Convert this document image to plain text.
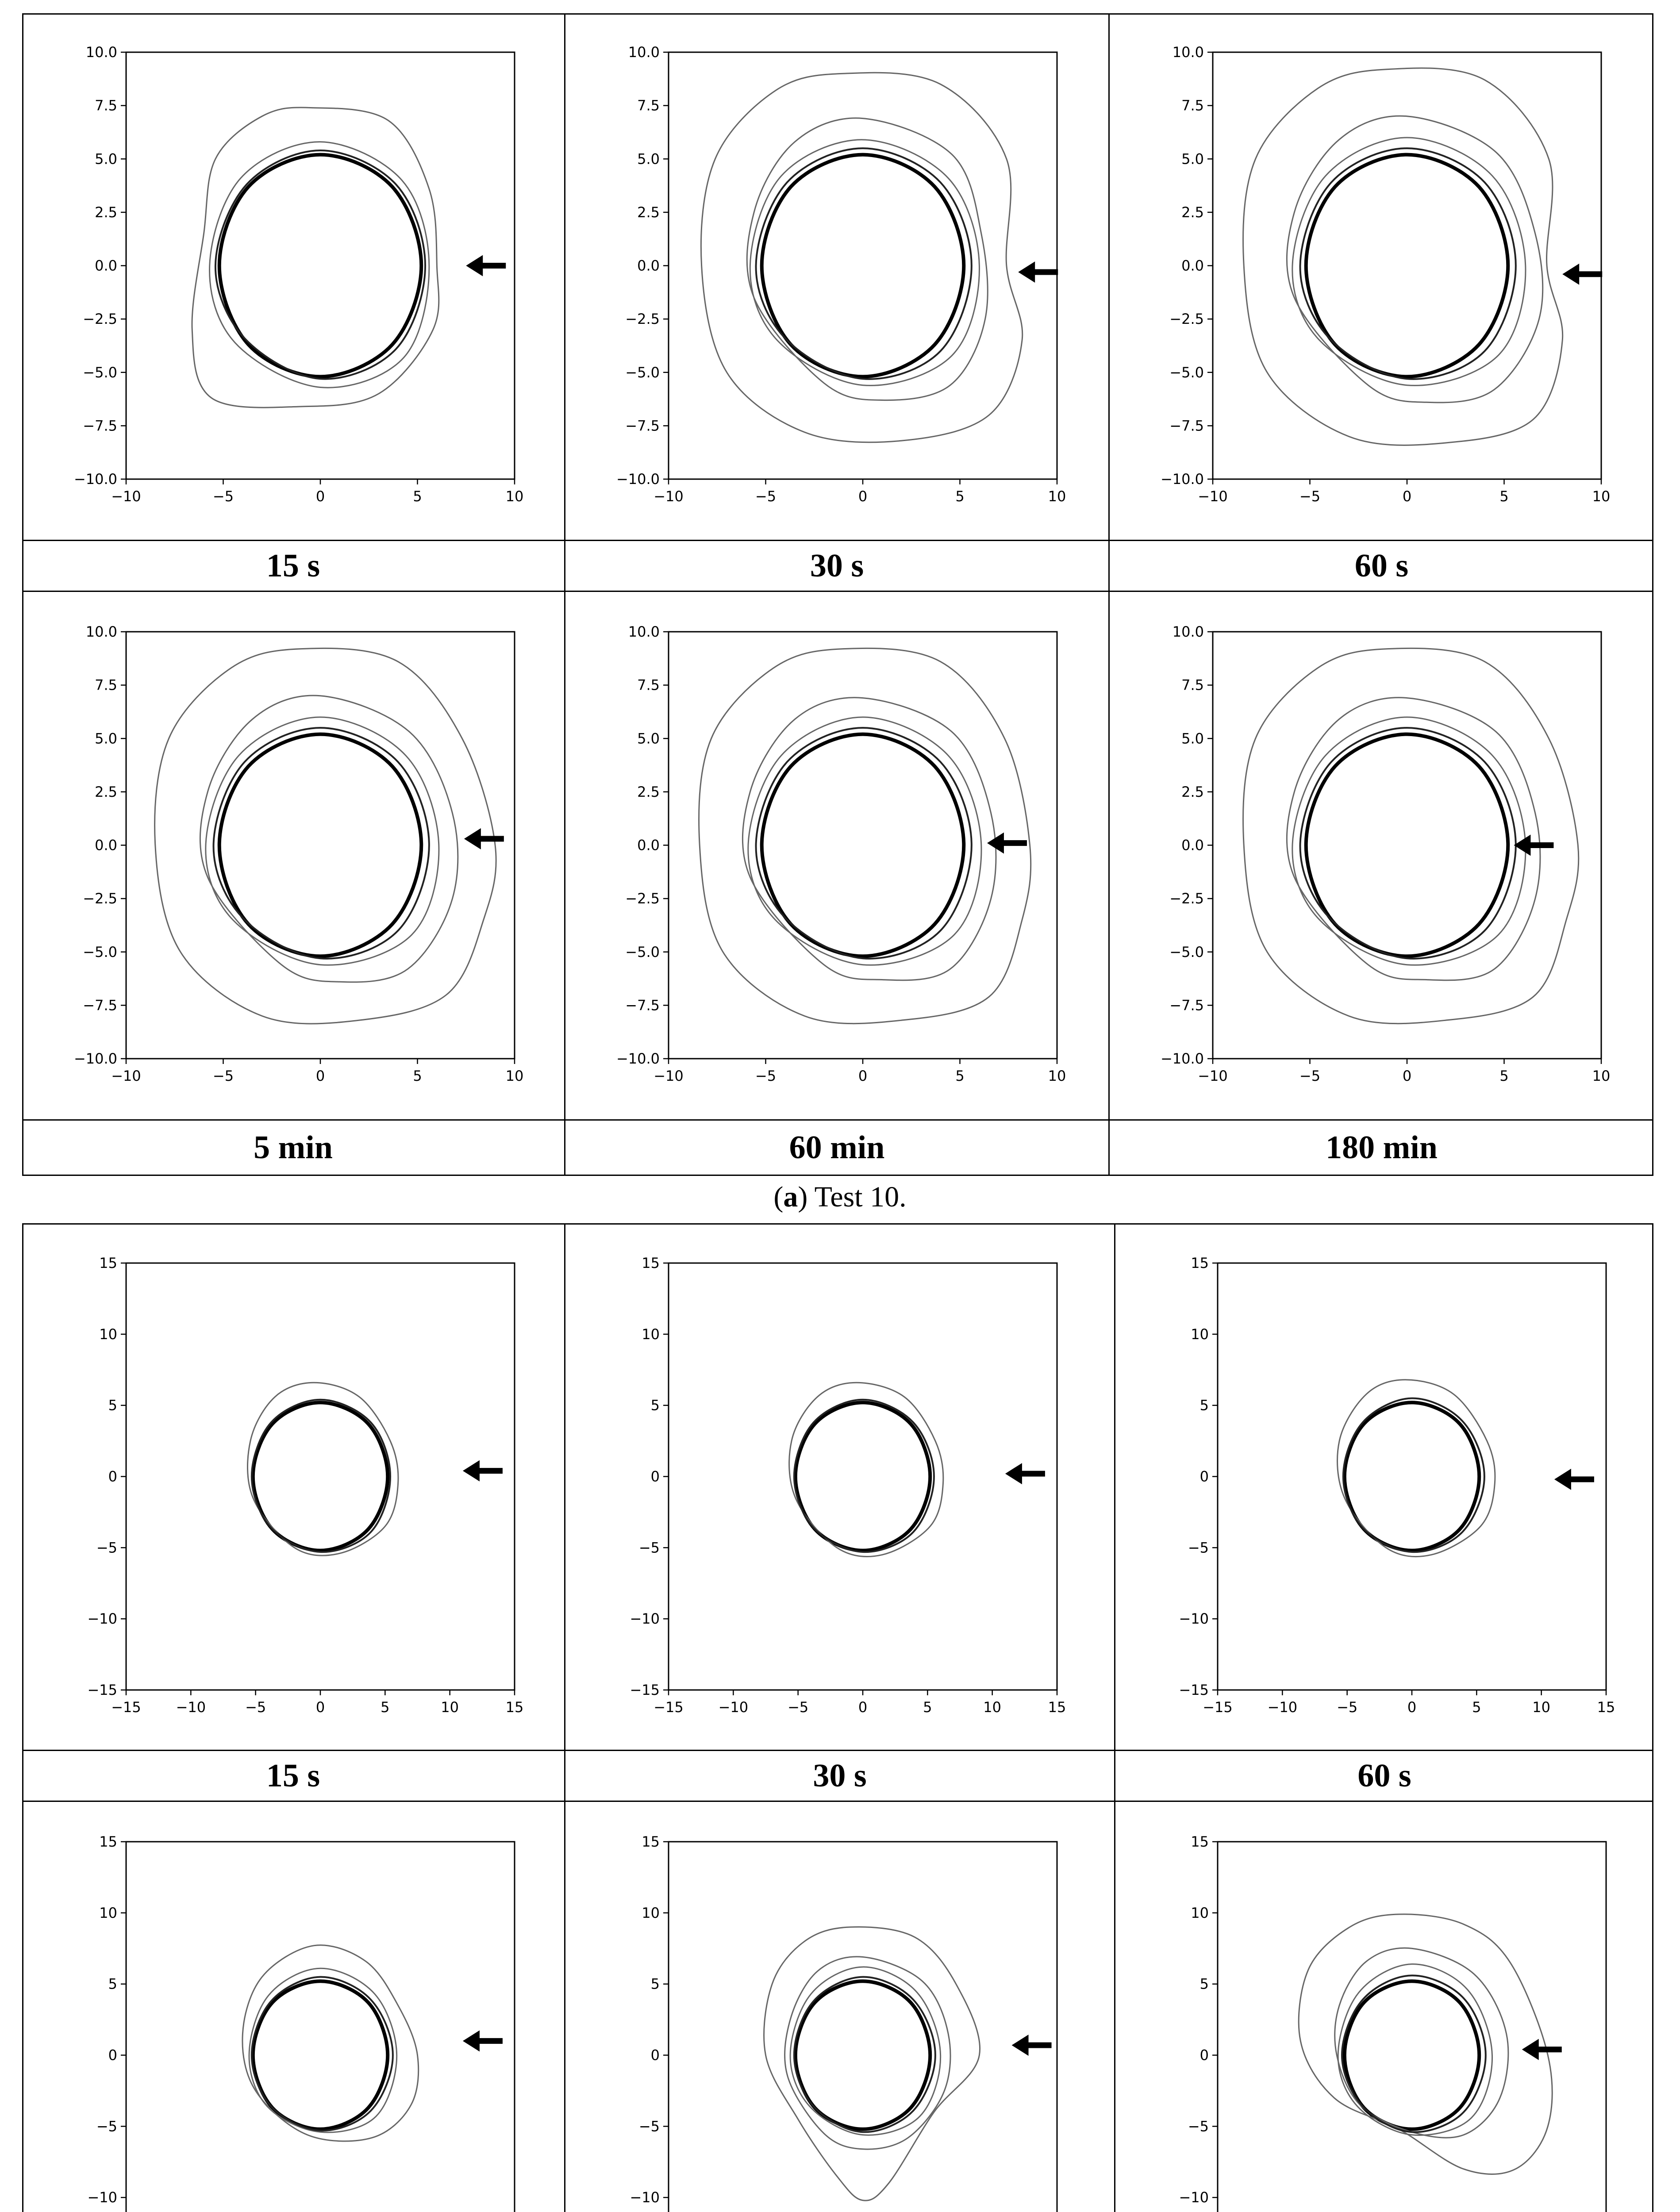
(a) Test 10.
15 s	30 s	60 s
5 min	60 min	180 min
15 s	30 s	60 s
−10.0
−7.5
−5.0
−2.5
0.0
2.5
5.0
7.5
10.0
−10	−5	0	5	10
−10.0
−7.5
−5.0
−2.5
0.0
2.5
5.0
7.5
10.0
−10	−5	0	5	10
−10.0
−7.5
−5.0
−2.5
0.0
2.5
5.0
7.5
10.0
−10	−5	0	5	10
−10.0
−7.5
−5.0
−2.5
0.0
2.5
5.0
7.5
10.0
−10	−5	0	5	10
−10.0
−7.5
−5.0
−2.5
0.0
2.5
5.0
7.5
10.0
−10	−5	0	5	10
−10.0
−7.5
−5.0
−2.5
0.0
2.5
5.0
7.5
10.0
−10	−5	0	5	10
−15
−10
−5
0
5
10
15
−15 −10	−5	0	5	10	15
−15
−10
−5
0
5
10
15
−15 −10	−5	0	5	10	15
−15
−10
−5
0
5
10
15
−15 −10	−5	0	5	10	15
−10
−5
0
5
10
15
−10
−5
0
5
10
15
−10
−5
0
5
10
15
